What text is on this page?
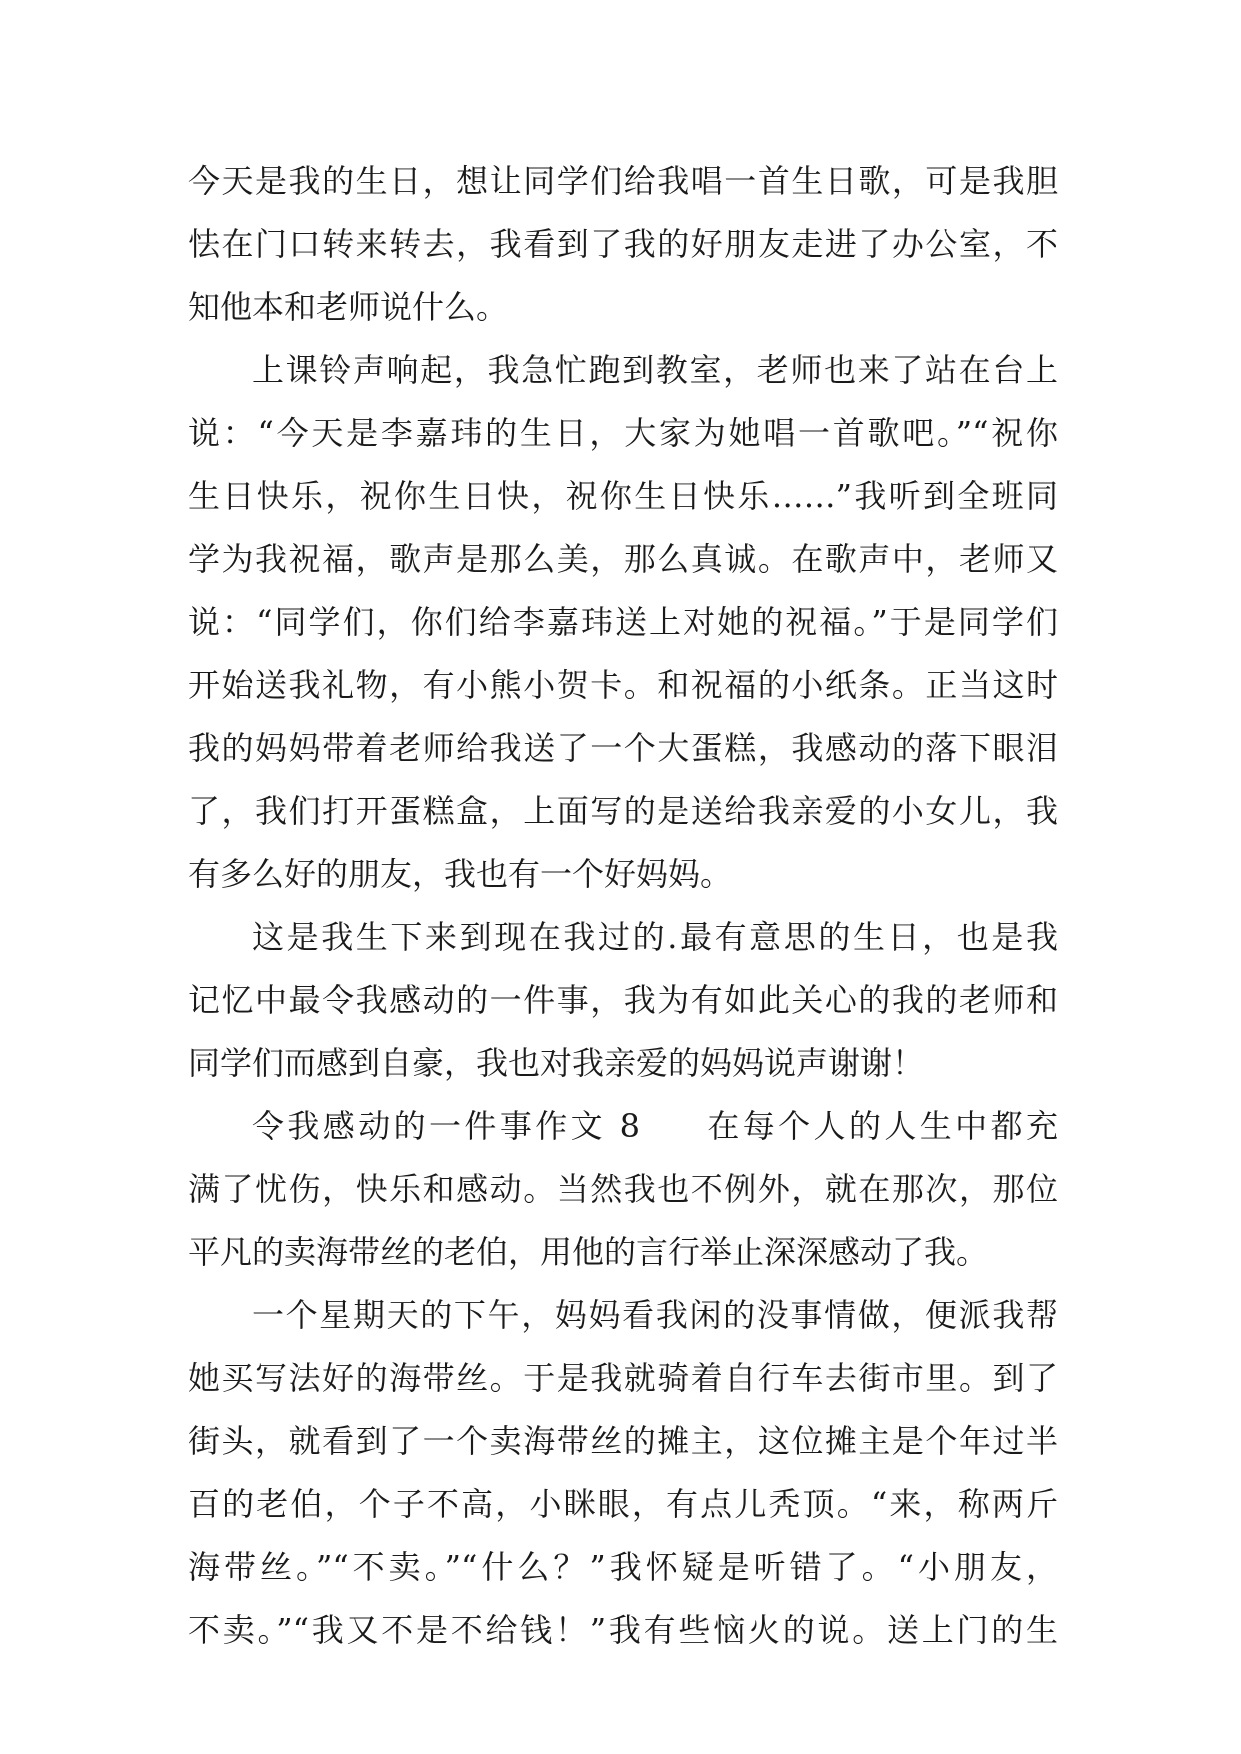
今天是我的生日，想让同学们给我唱一首生日歌，可是我胆
怯在门口转来转去，我看到了我的好朋友走进了办公室，不
知他本和老师说什么。
上课铃声响起，我急忙跑到教室，老师也来了站在台上
说：“今天是李嘉玮的生日，大家为她唱一首歌吧。”“祝你
生日快乐，祝你生日快，祝你生日快乐……”我听到全班同
学为我祝福，歌声是那么美，那么真诚。在歌声中，老师又
说：“同学们，你们给李嘉玮送上对她的祝福。”于是同学们
开始送我礼物，有小熊小贺卡。和祝福的小纸条。正当这时
我的妈妈带着老师给我送了一个大蛋糕，我感动的落下眼泪
了，我们打开蛋糕盒，上面写的是送给我亲爱的小女儿，我
有多么好的朋友，我也有一个好妈妈。
这是我生下来到现在我过的.最有意思的生日，也是我
记忆中最令我感动的一件事，我为有如此关心的我的老师和
同学们而感到自豪，我也对我亲爱的妈妈说声谢谢！
令我感动的一件事作文 8 在每个人的人生中都充
满了忧伤，快乐和感动。当然我也不例外，就在那次，那位
平凡的卖海带丝的老伯，用他的言行举止深深感动了我。
一个星期天的下午，妈妈看我闲的没事情做，便派我帮
她买写法好的海带丝。于是我就骑着自行车去街市里。到了
街头，就看到了一个卖海带丝的摊主，这位摊主是个年过半
百的老伯，个子不高，小眯眼，有点儿秃顶。“来，称两斤
海带丝。”“不卖。”“什么？”我怀疑是听错了。“小朋友，
不卖。”“我又不是不给钱！”我有些恼火的说。送上门的生
